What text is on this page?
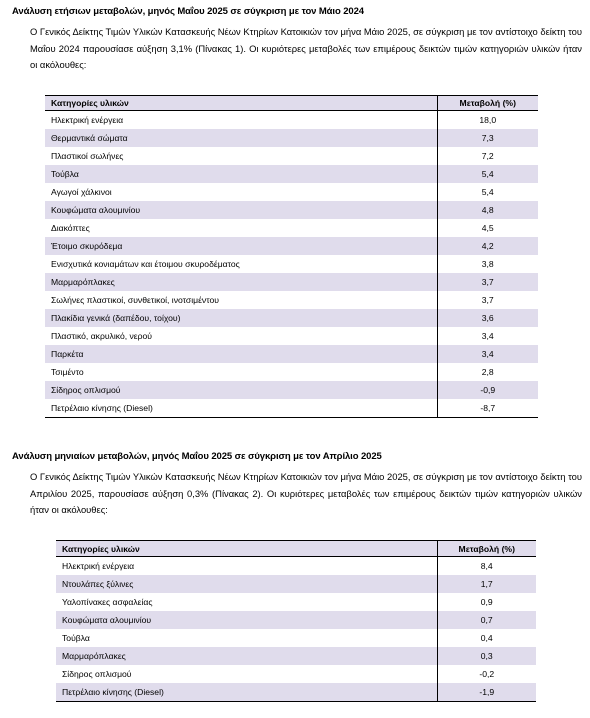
Ανάλυση ετήσιων μεταβολών, μηνός Μαΐου 2025 σε σύγκριση με τον Μάιο 2024
Ο Γενικός Δείκτης Τιμών Υλικών Κατασκευής Νέων Κτηρίων Κατοικιών τον μήνα Μάιο 2025, σε σύγκριση με τον αντίστοιχο δείκτη του Μαΐου 2024 παρουσίασε αύξηση 3,1% (Πίνακας 1). Οι κυριότερες μεταβολές των επιμέρους δεικτών τιμών κατηγοριών υλικών ήταν οι ακόλουθες:
Κατηγορίες υλικών	Μεταβολή (%)
Ηλεκτρική ενέργεια	18,0
Θερμαντικά σώματα	7,3
Πλαστικοί σωλήνες	7,2
Τούβλα	5,4
Αγωγοί χάλκινοι	5,4
Κουφώματα αλουμινίου	4,8
Διακόπτες	4,5
Έτοιμο σκυρόδεμα	4,2
Ενισχυτικά κονιαμάτων και έτοιμου σκυροδέματος	3,8
Μαρμαρόπλακες	3,7
Σωλήνες πλαστικοί, συνθετικοί, ινοτσιμέντου	3,7
Πλακίδια γενικά (δαπέδου, τοίχου)	3,6
Πλαστικό, ακρυλικό, νερού	3,4
Παρκέτα	3,4
Τσιμέντο	2,8
Σίδηρος οπλισμού	-0,9
Πετρέλαιο κίνησης (Diesel)	-8,7
Ανάλυση μηνιαίων μεταβολών, μηνός Μαΐου 2025 σε σύγκριση με τον Απρίλιο 2025
Ο Γενικός Δείκτης Τιμών Υλικών Κατασκευής Νέων Κτηρίων Κατοικιών τον μήνα Μάιο 2025, σε σύγκριση με τον αντίστοιχο δείκτη του Απριλίου 2025, παρουσίασε αύξηση 0,3% (Πίνακας 2). Οι κυριότερες μεταβολές των επιμέρους δεικτών τιμών κατηγοριών υλικών ήταν οι ακόλουθες:
Κατηγορίες υλικών	Μεταβολή (%)
Ηλεκτρική ενέργεια	8,4
Ντουλάπες ξύλινες	1,7
Υαλοπίνακες ασφαλείας	0,9
Κουφώματα αλουμινίου	0,7
Τούβλα	0,4
Μαρμαρόπλακες	0,3
Σίδηρος οπλισμού	-0,2
Πετρέλαιο κίνησης (Diesel)	-1,9
